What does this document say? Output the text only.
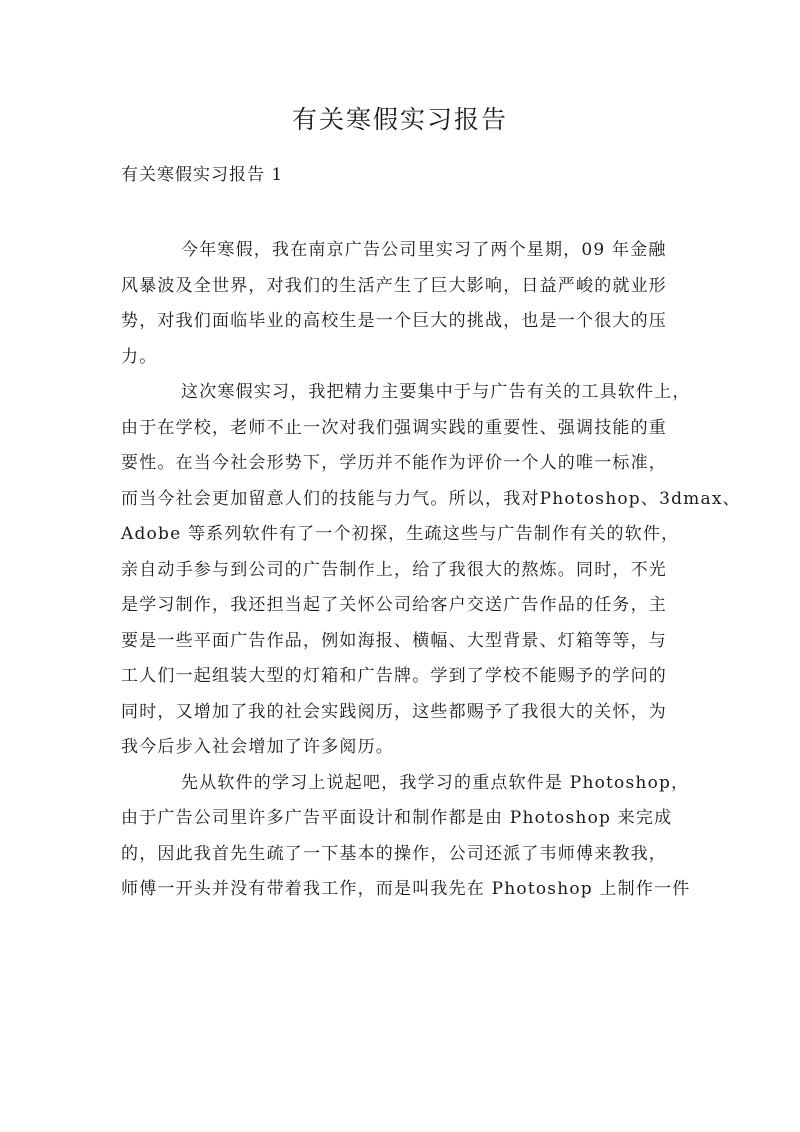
有关寒假实习报告

有关寒假实习报告 1

今年寒假，我在南京广告公司里实习了两个星期，09 年金融
风暴波及全世界，对我们的生活产生了巨大影响，日益严峻的就业形
势，对我们面临毕业的高校生是一个巨大的挑战，也是一个很大的压
力。
这次寒假实习，我把精力主要集中于与广告有关的工具软件上，
由于在学校，老师不止一次对我们强调实践的重要性、强调技能的重
要性。在当今社会形势下，学历并不能作为评价一个人的唯一标准，
而当今社会更加留意人们的技能与力气。所以，我对Photoshop、3dmax、
Adobe 等系列软件有了一个初探，生疏这些与广告制作有关的软件，
亲自动手参与到公司的广告制作上，给了我很大的熬炼。同时，不光
是学习制作，我还担当起了关怀公司给客户交送广告作品的任务，主
要是一些平面广告作品，例如海报、横幅、大型背景、灯箱等等，与
工人们一起组装大型的灯箱和广告牌。学到了学校不能赐予的学问的
同时，又增加了我的社会实践阅历，这些都赐予了我很大的关怀，为
我今后步入社会增加了许多阅历。
先从软件的学习上说起吧，我学习的重点软件是 Photoshop，
由于广告公司里许多广告平面设计和制作都是由 Photoshop 来完成
的，因此我首先生疏了一下基本的操作，公司还派了韦师傅来教我，
师傅一开头并没有带着我工作，而是叫我先在 Photoshop 上制作一件
